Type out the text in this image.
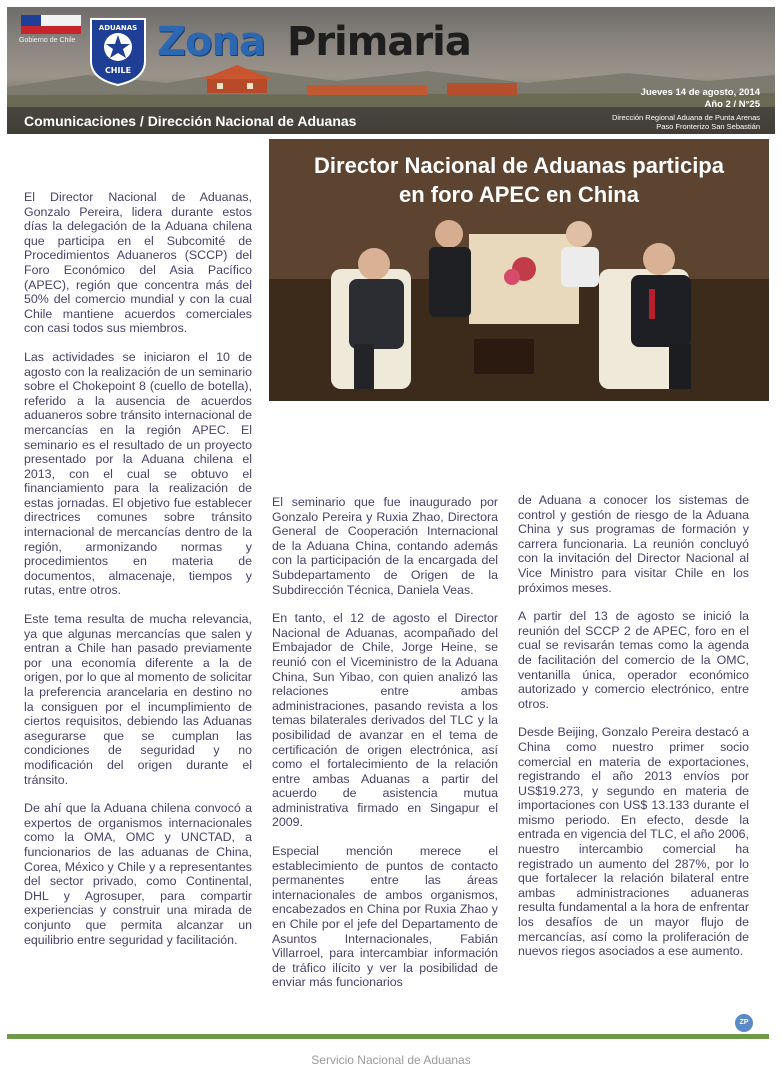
Gobierno de Chile
ADUANAS
CHILE
Zona Primaria
Comunicaciones / Dirección Nacional de Aduanas
Jueves 14 de agosto, 2014
Año 2 / N°25
Dirección Regional Aduana de Punta Arenas
Paso Fronterizo San Sebastián
Director Nacional de Aduanas participa
en foro APEC en China

El Director Nacional de Aduanas, Gonzalo Pereira, lidera durante estos días la delegación de la Aduana chilena que participa en el Subcomité de Procedimientos Aduaneros (SCCP) del Foro Económico del Asia Pacífico (APEC), región que concentra más del 50% del comercio mundial y con la cual Chile mantiene acuerdos comerciales con casi todos sus miembros.

Las actividades se iniciaron el 10 de agosto con la realización de un seminario sobre el Chokepoint 8 (cuello de botella), referido a la ausencia de acuerdos aduaneros sobre tránsito internacional de mercancías en la región APEC. El seminario es el resultado de un proyecto presentado por la Aduana chilena el 2013, con el cual se obtuvo el financiamiento para la realización de estas jornadas. El objetivo fue establecer directrices comunes sobre tránsito internacional de mercancías dentro de la región, armonizando normas y procedimientos en materia de documentos, almacenaje, tiempos y rutas, entre otros.

Este tema resulta de mucha relevancia, ya que algunas mercancías que salen y entran a Chile han pasado previamente por una economía diferente a la de origen, por lo que al momento de solicitar la preferencia arancelaria en destino no la consiguen por el incumplimiento de ciertos requisitos, debiendo las Aduanas asegurarse que se cumplan las condiciones de seguridad y no modificación del origen durante el tránsito.

De ahí que la Aduana chilena convocó a expertos de organismos internacionales como la OMA, OMC y UNCTAD, a funcionarios de las aduanas de China, Corea, México y Chile y a representantes del sector privado, como Continental, DHL y Agrosuper, para compartir experiencias y construir una mirada de conjunto que permita alcanzar un equilibrio entre seguridad y facilitación.

El seminario que fue inaugurado por Gonzalo Pereira y Ruxia Zhao, Directora General de Cooperación Internacional de la Aduana China, contando además con la participación de la encargada del Subdepartamento de Origen de la Subdirección Técnica, Daniela Veas.

En tanto, el 12 de agosto el Director Nacional de Aduanas, acompañado del Embajador de Chile, Jorge Heine, se reunió con el Viceministro de la Aduana China, Sun Yibao, con quien analizó las relaciones entre ambas administraciones, pasando revista a los temas bilaterales derivados del TLC y la posibilidad de avanzar en el tema de certificación de origen electrónica, así como el fortalecimiento de la relación entre ambas Aduanas a partir del acuerdo de asistencia mutua administrativa firmado en Singapur el 2009.

Especial mención merece el establecimiento de puntos de contacto permanentes entre las áreas internacionales de ambos organismos, encabezados en China por Ruxia Zhao y en Chile por el jefe del Departamento de Asuntos Internacionales, Fabián Villarroel, para intercambiar información de tráfico ilícito y ver la posibilidad de enviar más funcionarios

de Aduana a conocer los sistemas de control y gestión de riesgo de la Aduana China y sus programas de formación y carrera funcionaria. La reunión concluyó con la invitación del Director Nacional al Vice Ministro para visitar Chile en los próximos meses.

A partir del 13 de agosto se inició la reunión del SCCP 2 de APEC, foro en el cual se revisarán temas como la agenda de facilitación del comercio de la OMC, ventanilla única, operador económico autorizado y comercio electrónico, entre otros.

Desde Beijing, Gonzalo Pereira destacó a China como nuestro primer socio comercial en materia de exportaciones, registrando el año 2013 envíos por US$19.273, y segundo en materia de importaciones con US$ 13.133 durante el mismo periodo. En efecto, desde la entrada en vigencia del TLC, el año 2006, nuestro intercambio comercial ha registrado un aumento del 287%, por lo que fortalecer la relación bilateral entre ambas administraciones aduaneras resulta fundamental a la hora de enfrentar los desafíos de un mayor flujo de mercancías, así como la proliferación de nuevos riegos asociados a ese aumento.

ZP
Servicio Nacional de Aduanas
